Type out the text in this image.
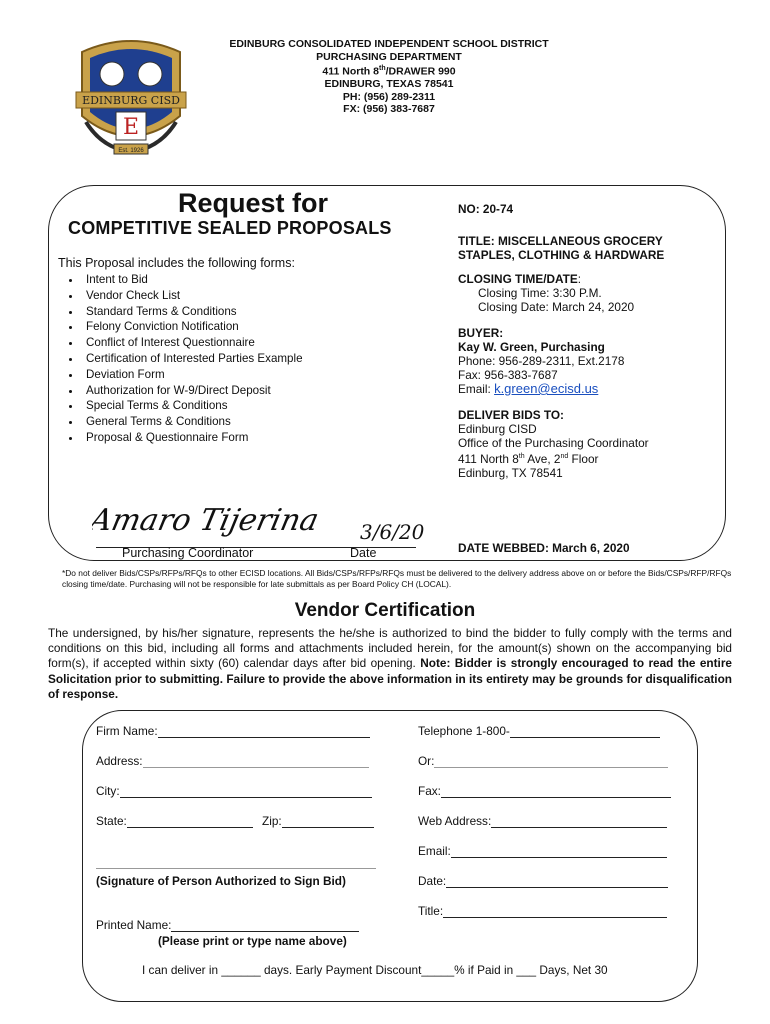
EDINBURG CISD
E
Est. 1926
EDINBURG CONSOLIDATED INDEPENDENT SCHOOL DISTRICT
PURCHASING DEPARTMENT
411 North 8th/DRAWER 990
EDINBURG, TEXAS 78541
PH: (956) 289-2311
FX: (956) 383-7687
Request for
COMPETITIVE SEALED PROPOSALS
This Proposal includes the following forms:
• Intent to Bid
• Vendor Check List
• Standard Terms & Conditions
• Felony Conviction Notification
• Conflict of Interest Questionnaire
• Certification of Interested Parties Example
• Deviation Form
• Authorization for W-9/Direct Deposit
• Special Terms & Conditions
• General Terms & Conditions
• Proposal & Questionnaire Form
Amaro Tijerina 3/6/20
Purchasing Coordinator	Date
NO: 20-74
TITLE: MISCELLANEOUS GROCERY
STAPLES, CLOTHING & HARDWARE
CLOSING TIME/DATE:
Closing Time: 3:30 P.M.
Closing Date: March 24, 2020
BUYER:
Kay W. Green, Purchasing
Phone: 956-289-2311, Ext.2178
Fax: 956-383-7687
Email: k.green@ecisd.us
DELIVER BIDS TO:
Edinburg CISD
Office of the Purchasing Coordinator
411 North 8th Ave, 2nd Floor
Edinburg, TX 78541
DATE WEBBED: March 6, 2020
*Do not deliver Bids/CSPs/RFPs/RFQs to other ECISD locations. All Bids/CSPs/RFPs/RFQs must be delivered to the delivery address above on or before the Bids/CSPs/RFP/RFQs closing time/date. Purchasing will not be responsible for late submittals as per Board Policy CH (LOCAL).
Vendor Certification
The undersigned, by his/her signature, represents the he/she is authorized to bind the bidder to fully comply with the terms and conditions on this bid, including all forms and attachments included herein, for the amount(s) shown on the accompanying bid form(s), if accepted within sixty (60) calendar days after bid opening. Note: Bidder is strongly encouraged to read the entire Solicitation prior to submitting. Failure to provide the above information in its entirety may be grounds for disqualification of response.
Firm Name:
Address:
City:
State:	Zip:
(Signature of Person Authorized to Sign Bid)
Printed Name:
(Please print or type name above)
Telephone 1-800-
Or:
Fax:
Web Address:
Email:
Date:
Title:
I can deliver in ______ days. Early Payment Discount_____% if Paid in ___ Days, Net 30
